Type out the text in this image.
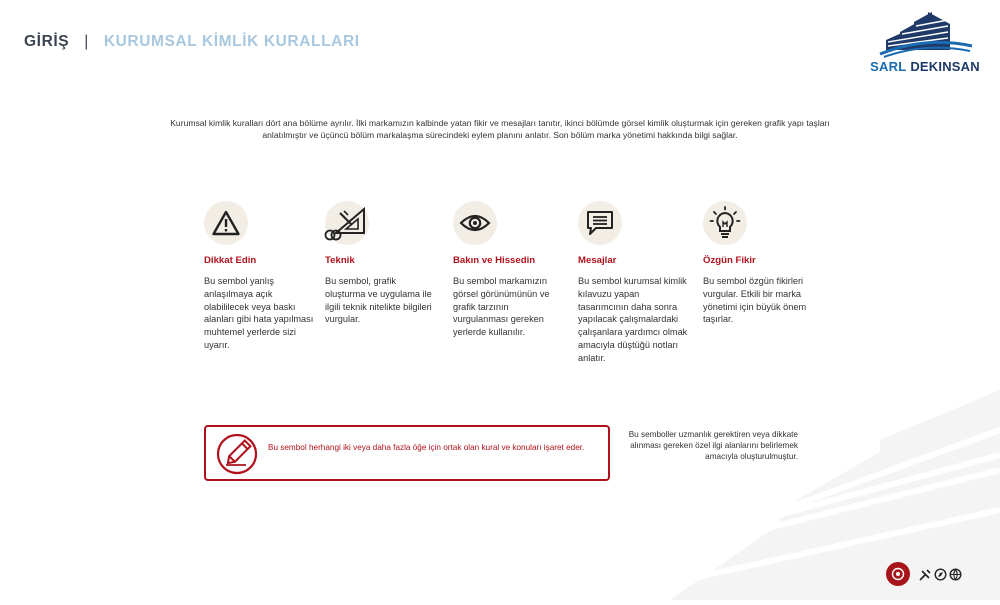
GİRİŞ | KURUMSAL KİMLİK KURALLARI
SARL DEKINSAN
Kurumsal kimlik kuralları dört ana bölüme ayrılır. İlki markamızın kalbinde yatan fikir ve mesajları tanıtır, ikinci bölümde görsel kimlik oluşturmak için gereken grafik yapı taşları anlatılmıştır ve üçüncü bölüm markalaşma sürecindeki eylem planını anlatır. Son bölüm marka yönetimi hakkında bilgi sağlar.
Dikkat Edin
Bu sembol yanlış anlaşılmaya açık olabililecek veya baskı alanları gibi hata yapılması muhtemel yerlerde sizi uyarır.
Teknik
Bu sembol, grafik oluşturma ve uygulama ile ilgili teknik nitelikte bilgileri vurgular.
Bakın ve Hissedin
Bu sembol markamızın görsel görünümünün ve grafik tarzının vurgulanması gereken yerlerde kullanılır.
Mesajlar
Bu sembol kurumsal kimlik kılavuzu yapan tasarımcının daha sonra yapılacak çalışmalardaki çalışanlara yardımcı olmak amacıyla düştüğü notları anlatır.
Özgün Fikir
Bu sembol özgün fikirleri vurgular. Etkili bir marka yönetimi için büyük önem taşırlar.
Bu sembol herhangi iki veya daha fazla öğe için ortak olan kural ve konuları işaret eder.
Bu semboller uzmanlık gerektiren veya dikkate alınması gereken özel ilgi alanlarını belirlemek amacıyla oluşturulmuştur.
